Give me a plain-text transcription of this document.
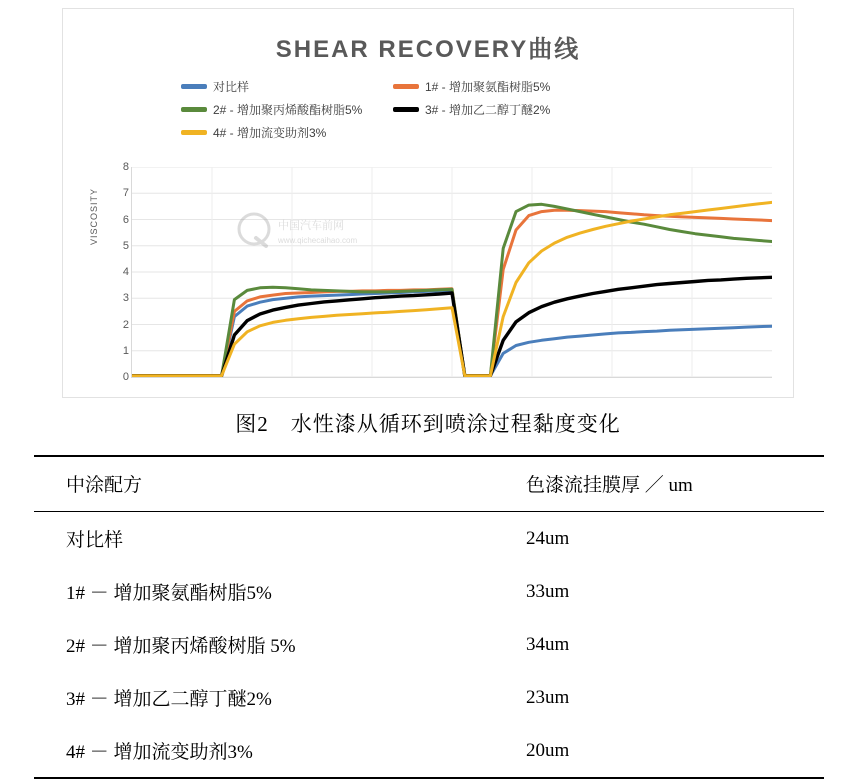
SHEAR RECOVERY曲线
对比样	1# - 增加聚氨酯树脂5%
2# - 增加聚丙烯酸酯树脂5%	3# - 增加乙二醇丁醚2%
4# - 增加流变助剂3%
VISCOSITY
0
1
2
3
4
5
6
7
8
中国汽车前网
www.qichecaihao.com
图2　水性漆从循环到喷涂过程黏度变化
中涂配方	色漆流挂膜厚 ／ um
对比样	24um
1# － 增加聚氨酯树脂5%	33um
2# － 增加聚丙烯酸树脂 5%	34um
3# － 增加乙二醇丁醚2%	23um
4# － 增加流变助剂3%	20um
